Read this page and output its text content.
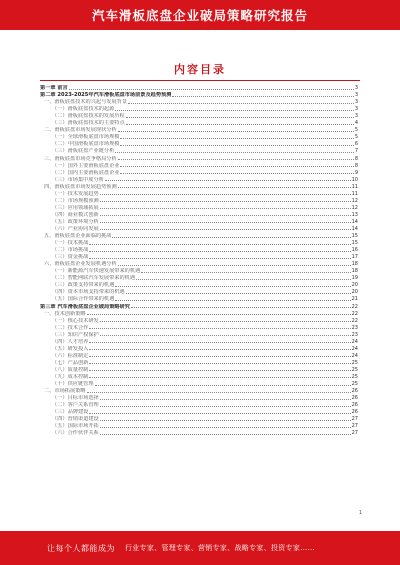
汽车滑板底盘企业破局策略研究报告
内容目录
第一章 前言	3
第二章 2023-2025年汽车滑板底盘市场前景及趋势预测	3
一、滑板底盘技术的兴起与发展背景	3
（一）滑板底盘技术的起源	3
（二）滑板底盘技术的发展历程	3
（三）滑板底盘技术的主要特点	4
二、滑板底盘市场发展现状分析	5
（一）全球滑板底盘市场规模	5
（二）中国滑板底盘市场规模	6
（三）滑板底盘产业链分析	7
三、滑板底盘市场竞争格局分析	8
（一）国外主要滑板底盘企业	8
（二）国内主要滑板底盘企业	9
（三）市场集中度分析	10
四、滑板底盘市场发展趋势预测	11
（一）技术发展趋势	11
（二）市场规模预测	12
（三）应用领域拓展	12
（四）商业模式创新	13
（五）政策环境分析	14
（六）产业协同发展	14
五、滑板底盘企业面临的挑战	15
（一）技术挑战	15
（二）市场挑战	16
（三）资金挑战	17
六、滑板底盘企业发展机遇分析	18
（一）新能源汽车快速发展带来的机遇	18
（二）智能网联汽车发展带来的机遇	19
（三）政策支持带来的机遇	20
（四）资本市场支持带来的机遇	20
（五）国际合作带来的机遇	21
第三章 汽车滑板底盘企业破局策略研究	22
一、技术创新策略	22
（一）核心技术研发	22
（二）技术合作	23
（三）知识产权保护	23
（四）人才培养	24
（五）研发投入	24
（六）标准制定	24
（七）产品创新	25
（八）质量控制	25
（九）成本控制	25
（十）供应链管理	25
二、市场拓展策略	26
（一）目标市场选择	26
（二）客户关系管理	26
（三）品牌建设	26
（四）营销渠道建设	27
（五）国际市场开拓	27
（六）合作伙伴关系	27
1
让每个人都能成为	行业专家、管理专家、营销专家、战略专家、投资专家……
